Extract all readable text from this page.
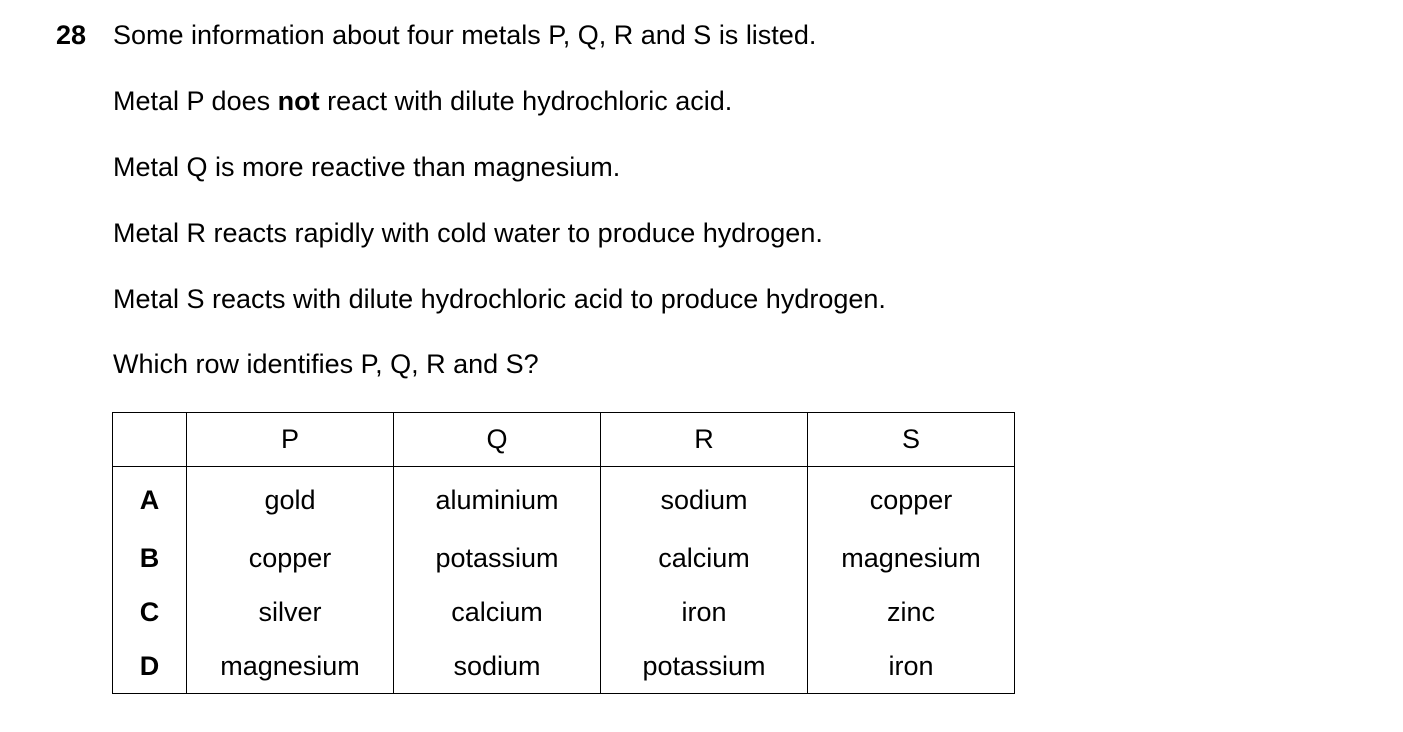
28 Some information about four metals P, Q, R and S is listed.
Metal P does not react with dilute hydrochloric acid.
Metal Q is more reactive than magnesium.
Metal R reacts rapidly with cold water to produce hydrogen.
Metal S reacts with dilute hydrochloric acid to produce hydrogen.
Which row identifies P, Q, R and S?
	P	Q	R	S
A	gold	aluminium	sodium	copper
B	copper	potassium	calcium	magnesium
C	silver	calcium	iron	zinc
D	magnesium	sodium	potassium	iron
